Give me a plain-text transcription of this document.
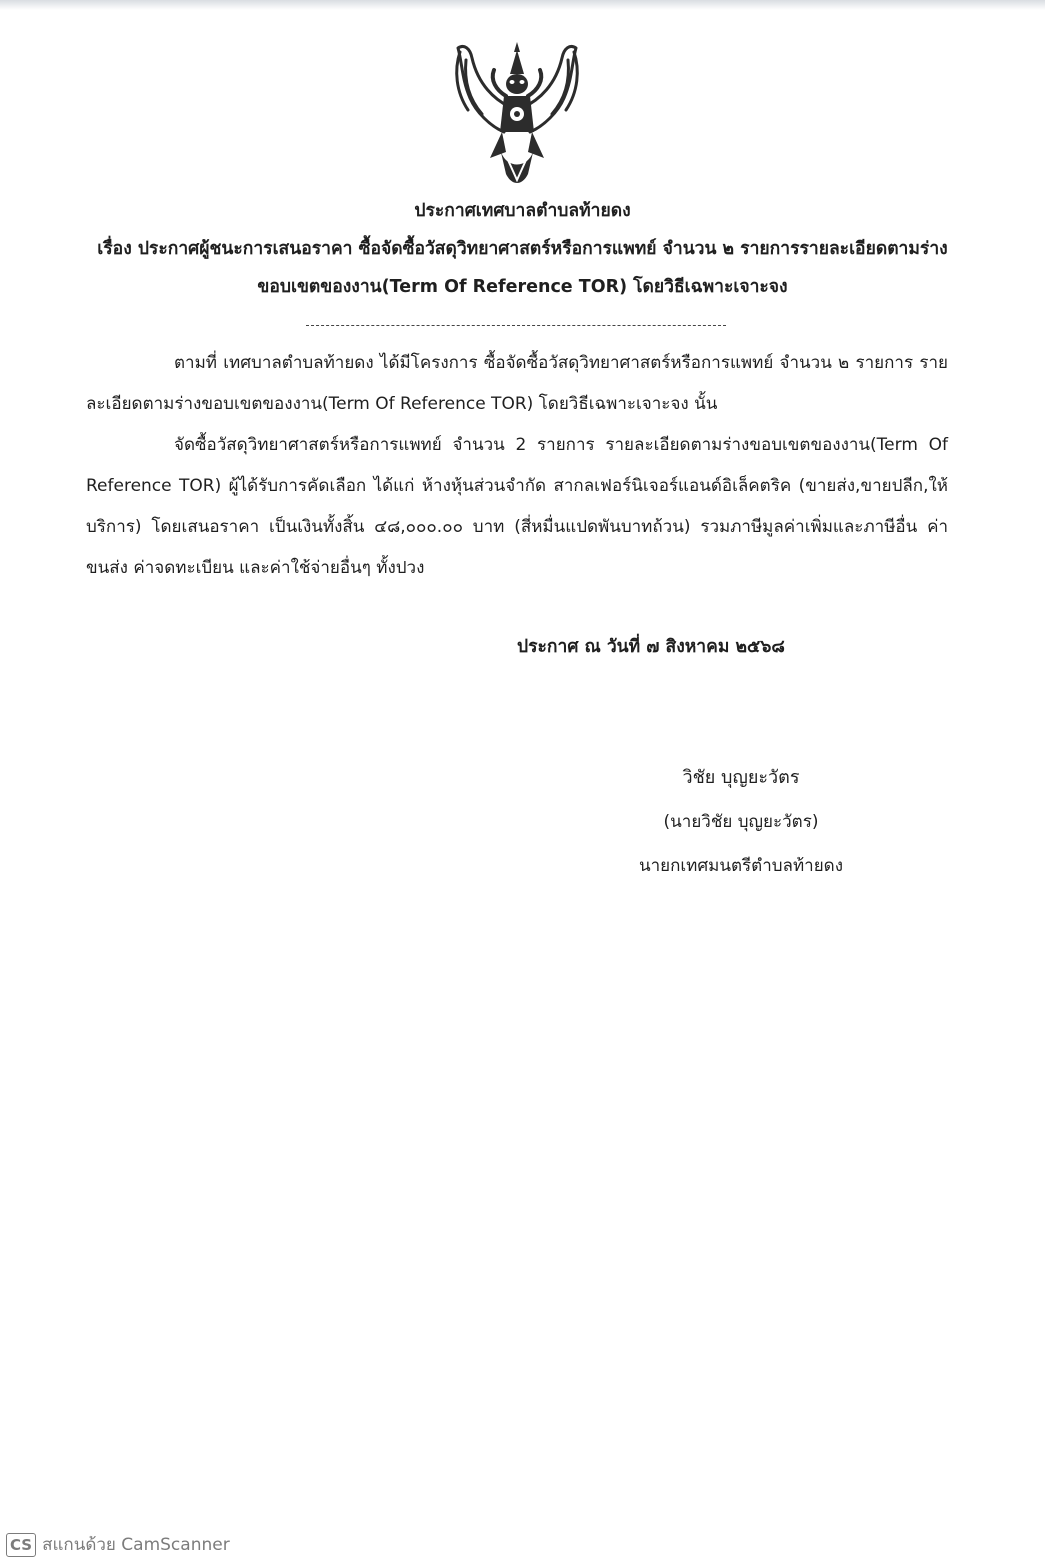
ประกาศเทศบาลตำบลท้ายดง
เรื่อง ประกาศผู้ชนะการเสนอราคา ซื้อจัดซื้อวัสดุวิทยาศาสตร์หรือการแพทย์ จำนวน ๒ รายการรายละเอียดตามร่างขอบเขตของงาน(Term Of Reference TOR) โดยวิธีเฉพาะเจาะจง
ตามที่ เทศบาลตำบลท้ายดง ได้มีโครงการ ซื้อจัดซื้อวัสดุวิทยาศาสตร์หรือการแพทย์ จำนวน ๒ รายการ รายละเอียดตามร่างขอบเขตของงาน(Term Of Reference TOR) โดยวิธีเฉพาะเจาะจง นั้น
จัดซื้อวัสดุวิทยาศาสตร์หรือการแพทย์ จำนวน 2 รายการ รายละเอียดตามร่างขอบเขตของงาน(Term Of Reference TOR) ผู้ได้รับการคัดเลือก ได้แก่ ห้างหุ้นส่วนจำกัด สากลเฟอร์นิเจอร์แอนด์อิเล็คตริค (ขายส่ง,ขายปลีก,ให้บริการ) โดยเสนอราคา เป็นเงินทั้งสิ้น ๔๘,๐๐๐.๐๐ บาท (สี่หมื่นแปดพันบาทถ้วน) รวมภาษีมูลค่าเพิ่มและภาษีอื่น ค่าขนส่ง ค่าจดทะเบียน และค่าใช้จ่ายอื่นๆ ทั้งปวง
ประกาศ ณ วันที่ ๗ สิงหาคม ๒๕๖๘
วิชัย บุญยะวัตร
(นายวิชัย บุญยะวัตร)
นายกเทศมนตรีตำบลท้ายดง
CS สแกนด้วย CamScanner
